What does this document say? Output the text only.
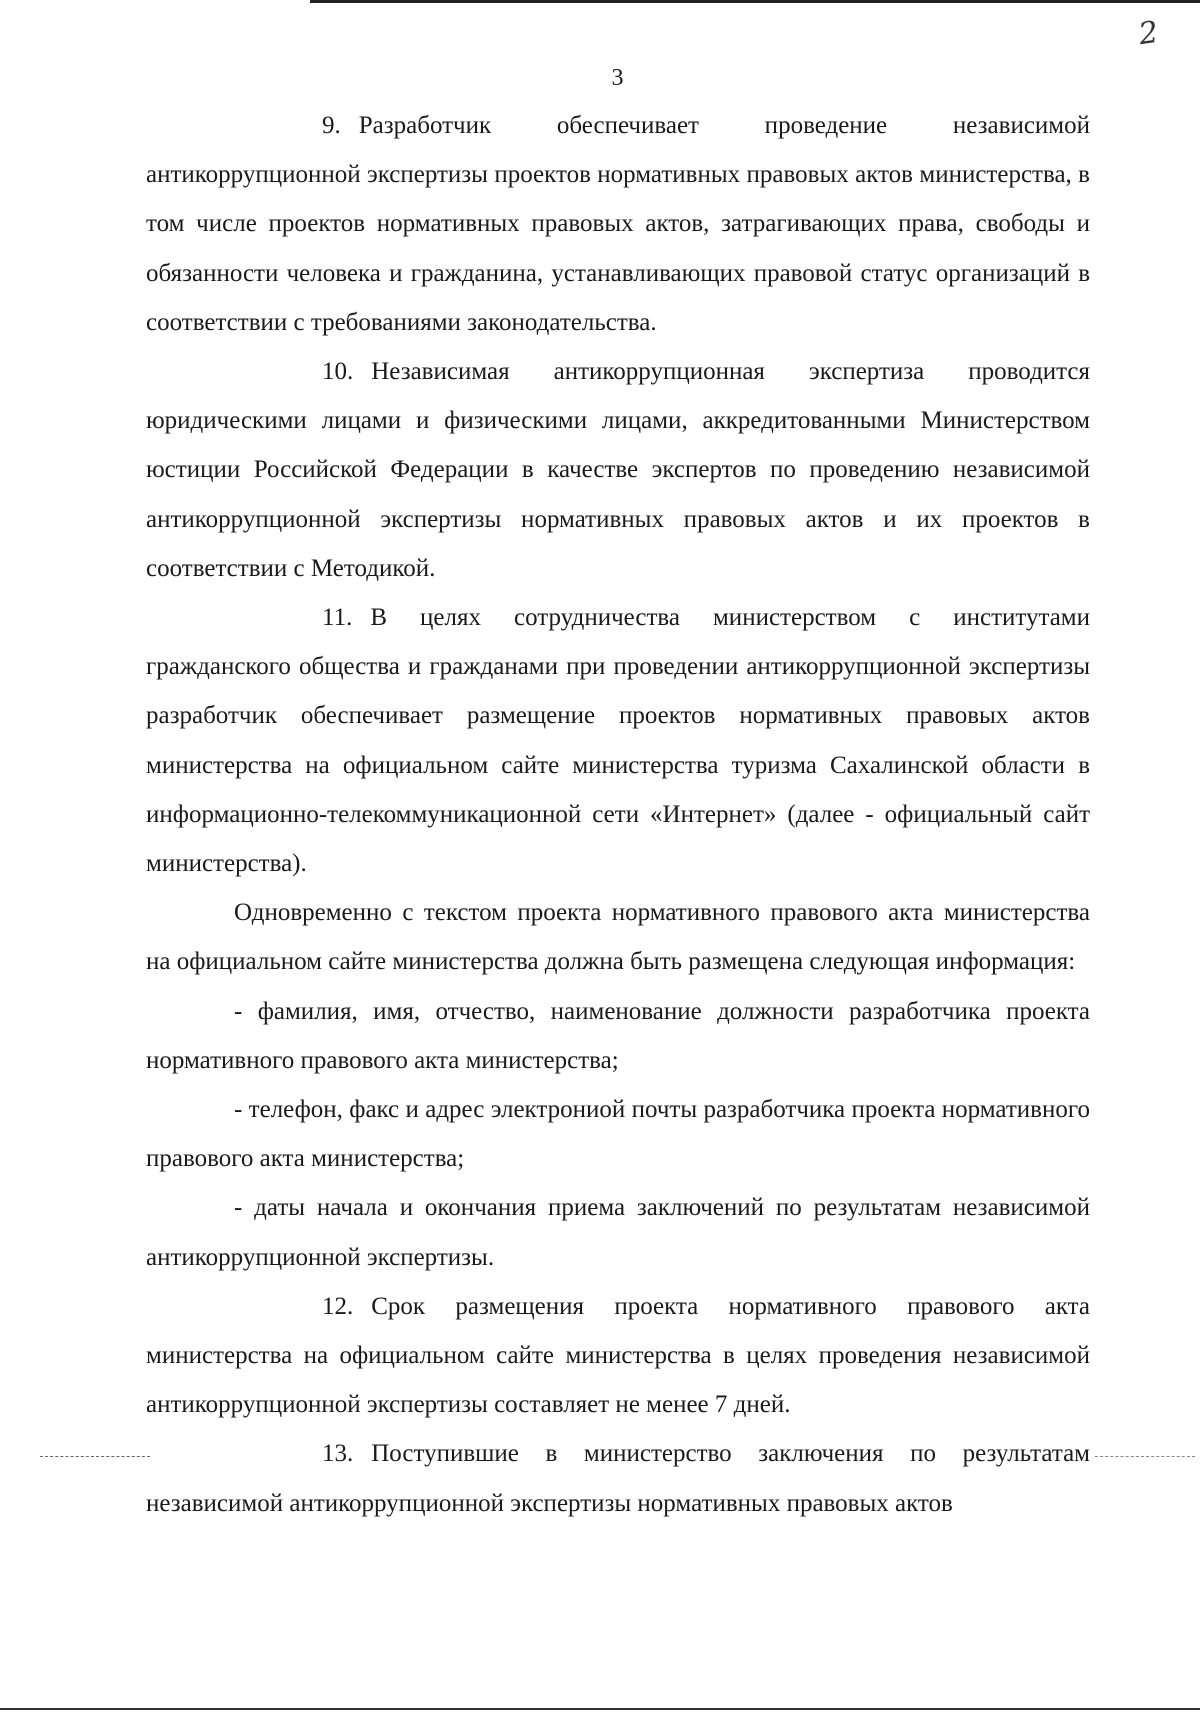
2
3

9. Разработчик обеспечивает проведение независимой антикоррупционной экспертизы проектов нормативных правовых актов министерства, в том числе проектов нормативных правовых актов, затрагивающих права, свободы и обязанности человека и гражданина, устанавливающих правовой статус организаций в соответствии с требованиями законодательства.

10. Независимая антикоррупционная экспертиза проводится юридическими лицами и физическими лицами, аккредитованными Министерством юстиции Российской Федерации в качестве экспертов по проведению независимой антикоррупционной экспертизы нормативных правовых актов и их проектов в соответствии с Методикой.

11. В целях сотрудничества министерством с институтами гражданского общества и гражданами при проведении антикоррупционной экспертизы разработчик обеспечивает размещение проектов нормативных правовых актов министерства на официальном сайте министерства туризма Сахалинской области в информационно-телекоммуникационной сети «Интернет» (далее - официальный сайт министерства).

Одновременно с текстом проекта нормативного правового акта министерства на официальном сайте министерства должна быть размещена следующая информация:

- фамилия, имя, отчество, наименование должности разработчика проекта нормативного правового акта министерства;

- телефон, факс и адрес электрониой почты разработчика проекта нормативного правового акта министерства;

- даты начала и окончания приема заключений по результатам независимой антикоррупционной экспертизы.

12. Срок размещения проекта нормативного правового акта министерства на официальном сайте министерства в целях проведения независимой антикоррупционной экспертизы составляет не менее 7 дней.

13. Поступившие в министерство заключения по результатам независимой антикоррупционной экспертизы нормативных правовых актов
